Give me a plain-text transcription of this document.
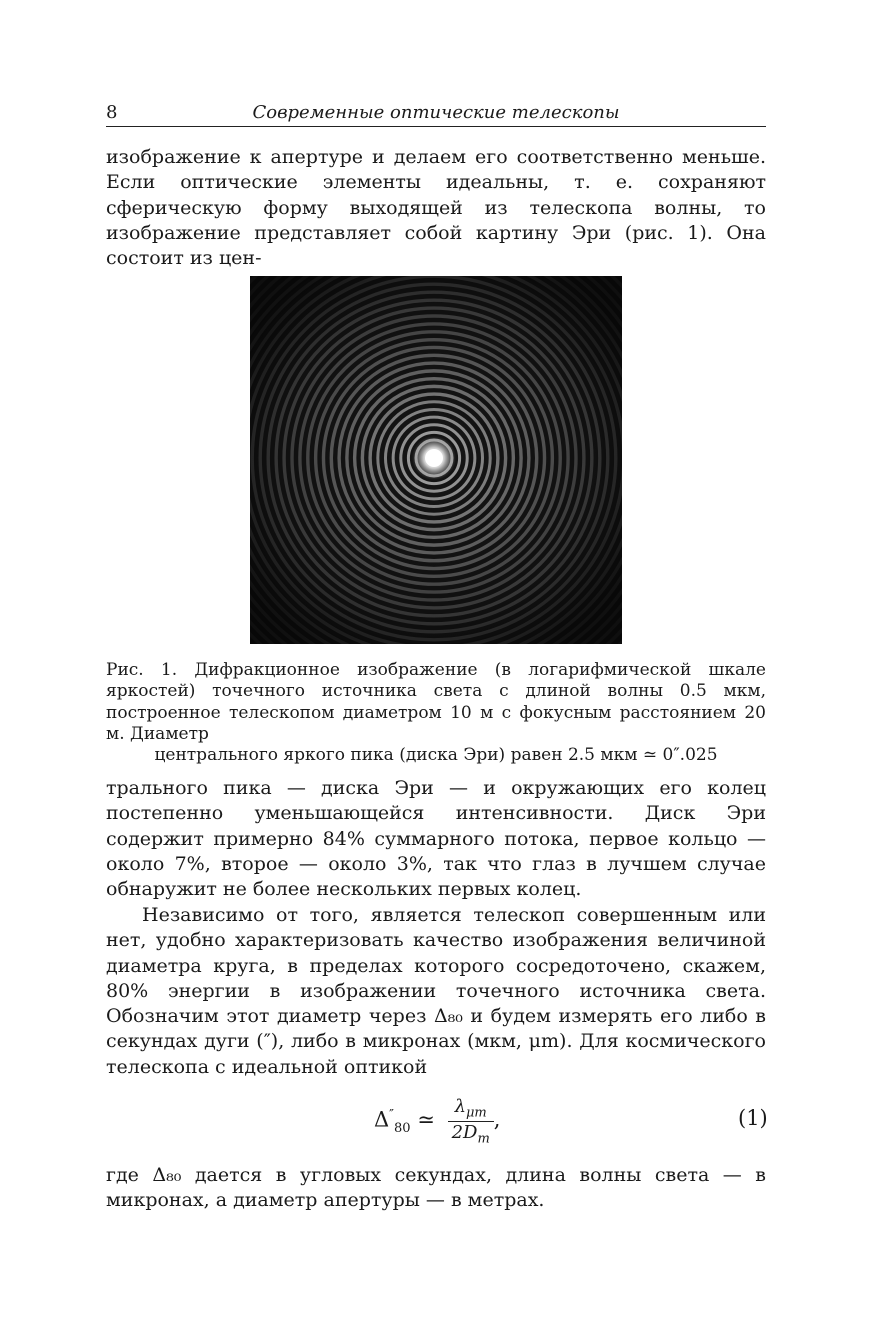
8	Современные оптические телескопы
изображение к апертуре и делаем его соответственно меньше. Если оптические элементы идеальны, т. е. сохраняют сферическую форму выходящей из телескопа волны, то изображение представляет собой картину Эри (рис. 1). Она состоит из цен-
Рис. 1. Дифракционное изображение (в логарифмической шкале яркостей) точечного источника света с длиной волны 0.5 мкм, построенное телескопом диаметром 10 м с фокусным расстоянием 20 м. Диаметр
центрального яркого пика (диска Эри) равен 2.5 мкм ≃ 0″.025
трального пика — диска Эри — и окружающих его колец постепенно уменьшающейся интенсивности. Диск Эри содержит примерно 84% суммарного потока, первое кольцо — около 7%, второе — около 3%, так что глаз в лучшем случае обнаружит не более нескольких первых колец.
Независимо от того, является телескоп совершенным или нет, удобно характеризовать качество изображения величиной диаметра круга, в пределах которого сосредоточено, скажем, 80% энергии в изображении точечного источника света. Обозначим этот диаметр через Δ₈₀ и будем измерять его либо в секундах дуги (″), либо в микронах (мкм, μm). Для космического телескопа с идеальной оптикой
$\Delta''_{80}$ ≃ $\frac{\lambda_{\mu m}}{2D_m}$ ,	(1)
где Δ₈₀ дается в угловых секундах, длина волны света — в микронах, а диаметр апертуры — в метрах.
